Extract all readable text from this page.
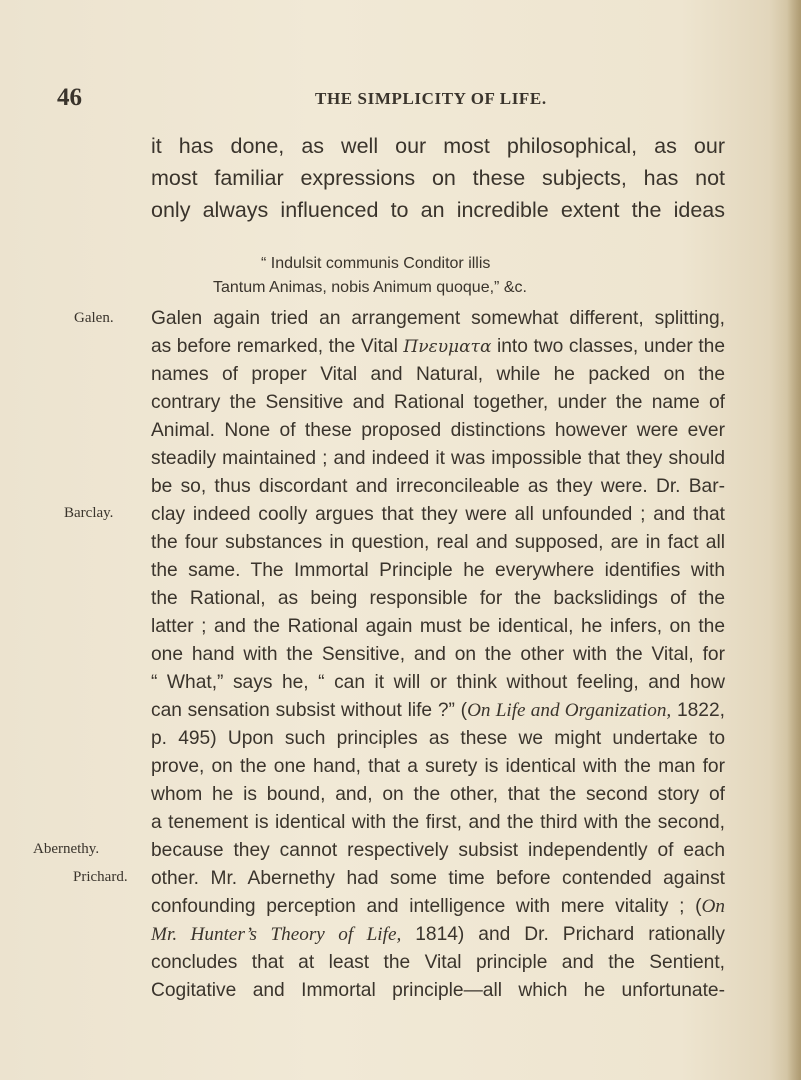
46	THE SIMPLICITY OF LIFE.
it has done, as well our most philosophical, as our
most familiar expressions on these subjects, has not
only always influenced to an incredible extent the ideas
“ Indulsit communis Conditor illis
Tantum Animas, nobis Animum quoque,” &c.
Galen.
Barclay.
Abernethy.
Prichard.
Galen again tried an arrangement somewhat different, splitting,
as before remarked, the Vital Πνευματα into two classes, under the
names of proper Vital and Natural, while he packed on the
contrary the Sensitive and Rational together, under the name of
Animal. None of these proposed distinctions however were ever
steadily maintained ; and indeed it was impossible that they should
be so, thus discordant and irreconcileable as they were. Dr. Bar-
clay indeed coolly argues that they were all unfounded ; and that
the four substances in question, real and supposed, are in fact all
the same. The Immortal Principle he everywhere identifies with
the Rational, as being responsible for the backslidings of the
latter ; and the Rational again must be identical, he infers, on the
one hand with the Sensitive, and on the other with the Vital, for
“ What,” says he, “ can it will or think without feeling, and how
can sensation subsist without life ?” (On Life and Organization, 1822,
p. 495) Upon such principles as these we might undertake to
prove, on the one hand, that a surety is identical with the man for
whom he is bound, and, on the other, that the second story of
a tenement is identical with the first, and the third with the second,
because they cannot respectively subsist independently of each
other. Mr. Abernethy had some time before contended against
confounding perception and intelligence with mere vitality ; (On
Mr. Hunter’s Theory of Life, 1814) and Dr. Prichard rationally
concludes that at least the Vital principle and the Sentient,
Cogitative and Immortal principle—all which he unfortunate-
